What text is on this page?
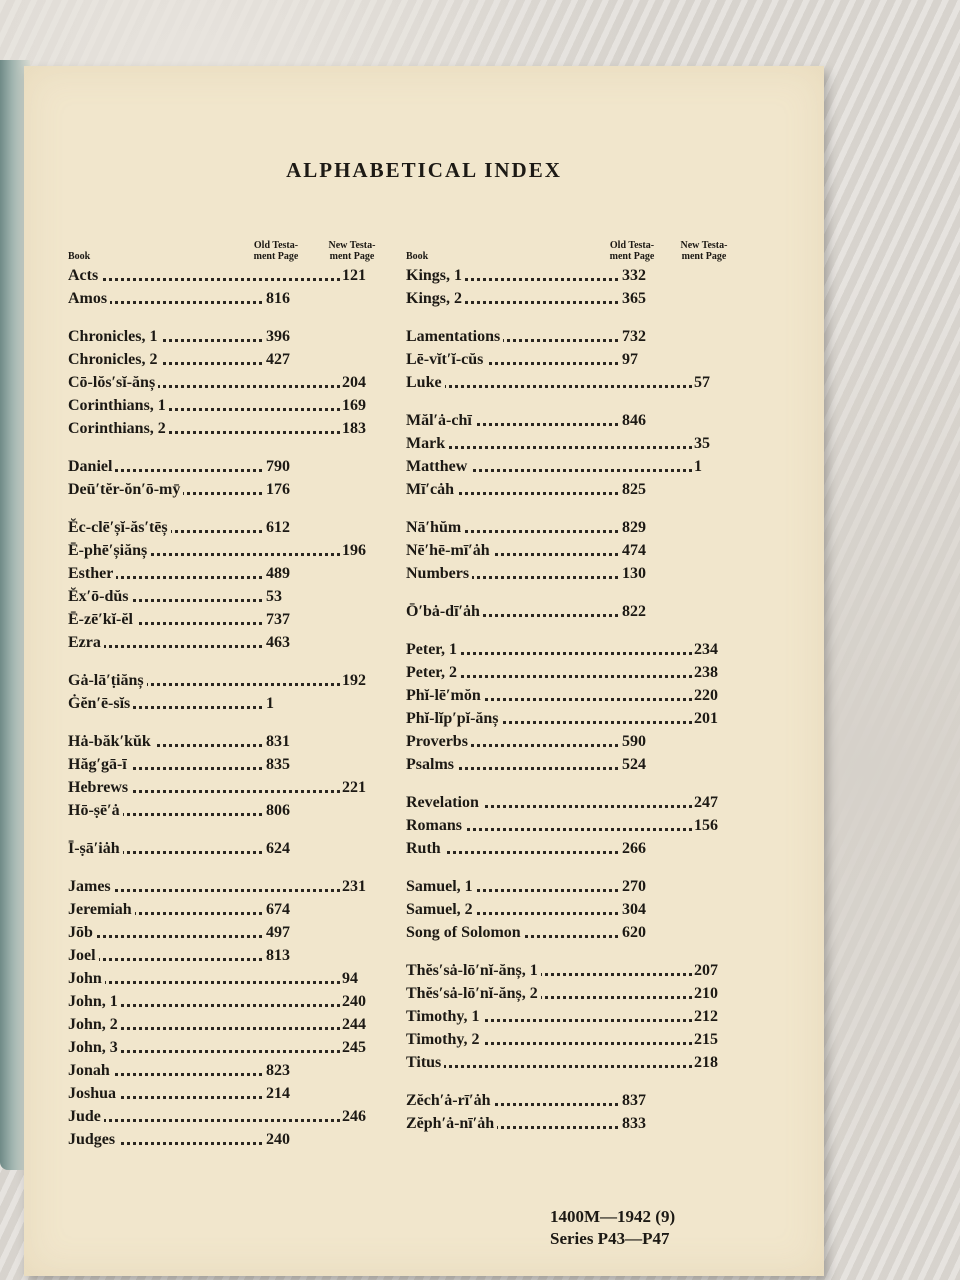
ALPHABETICAL INDEX
Book
Old Testa- ment Page
New Testa- ment Page
Acts	121
Amos	816
Chronicles, 1	396
Chronicles, 2	427
Cō-lŏs′sĭ-ănș	204
Corinthians, 1	169
Corinthians, 2	183
Daniel	790
Deū′tĕr-ŏn′ō-mȳ	176
Ĕc-clē′șĭ-ăs′tēș	612
Ē-phē′șiănș	196
Esther	489
Ĕx′ō-dŭs	53
Ē-zē′kĭ-ĕl	737
Ezra	463
Gȧ-lā′ṭiănș	192
Ġĕn′ē-sĭs	1
Hȧ-băk′kŭk	831
Hăg′gā-ī	835
Hebrews	221
Hō-ṣē′ȧ	806
Ī-ṣā′iȧh	624
James	231
Jeremiah	674
Jōb	497
Joel	813
John	94
John, 1	240
John, 2	244
John, 3	245
Jonah	823
Joshua	214
Jude	246
Judges	240
Book
Old Testa- ment Page
New Testa- ment Page
Kings, 1	332
Kings, 2	365
Lamentations	732
Lē-vĭt′ĭ-cŭs	97
Luke	57
Măl′ȧ-chī	846
Mark	35
Matthew	1
Mī′cȧh	825
Nā′hŭm	829
Nē′hē-mī′ȧh	474
Numbers	130
Ō′bȧ-dī′ȧh	822
Peter, 1	234
Peter, 2	238
Phĭ-lē′mŏn	220
Phĭ-lĭp′pĭ-ănș	201
Proverbs	590
Psalms	524
Revelation	247
Romans	156
Ruth	266
Samuel, 1	270
Samuel, 2	304
Song of Solomon	620
Thĕs′sȧ-lō′nĭ-ănș, 1	207
Thĕs′sȧ-lō′nĭ-ănș, 2	210
Timothy, 1	212
Timothy, 2	215
Titus	218
Zĕch′ȧ-rī′ȧh	837
Zĕph′ȧ-nī′ȧh	833
1400M—1942 (9)
Series P43—P47
